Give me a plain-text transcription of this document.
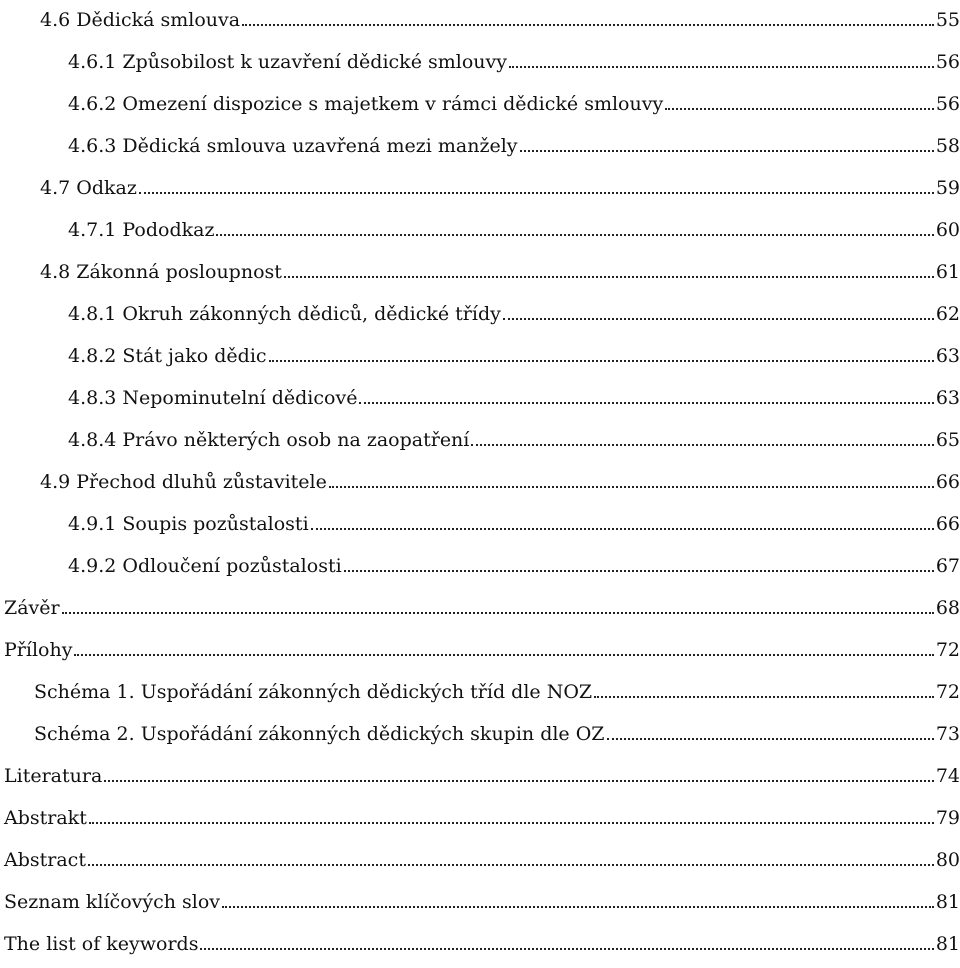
4.6 Dědická smlouva	55
4.6.1 Způsobilost k uzavření dědické smlouvy	56
4.6.2 Omezení dispozice s majetkem v rámci dědické smlouvy	56
4.6.3 Dědická smlouva uzavřená mezi manžely	58
4.7 Odkaz	59
4.7.1 Pododkaz	60
4.8 Zákonná posloupnost	61
4.8.1 Okruh zákonných dědiců, dědické třídy	62
4.8.2 Stát jako dědic	63
4.8.3 Nepominutelní dědicové	63
4.8.4 Právo některých osob na zaopatření	65
4.9 Přechod dluhů zůstavitele	66
4.9.1 Soupis pozůstalosti	66
4.9.2 Odloučení pozůstalosti	67
Závěr	68
Přílohy	72
Schéma 1. Uspořádání zákonných dědických tříd dle NOZ	72
Schéma 2. Uspořádání zákonných dědických skupin dle OZ	73
Literatura	74
Abstrakt	79
Abstract	80
Seznam klíčových slov	81
The list of keywords	81
